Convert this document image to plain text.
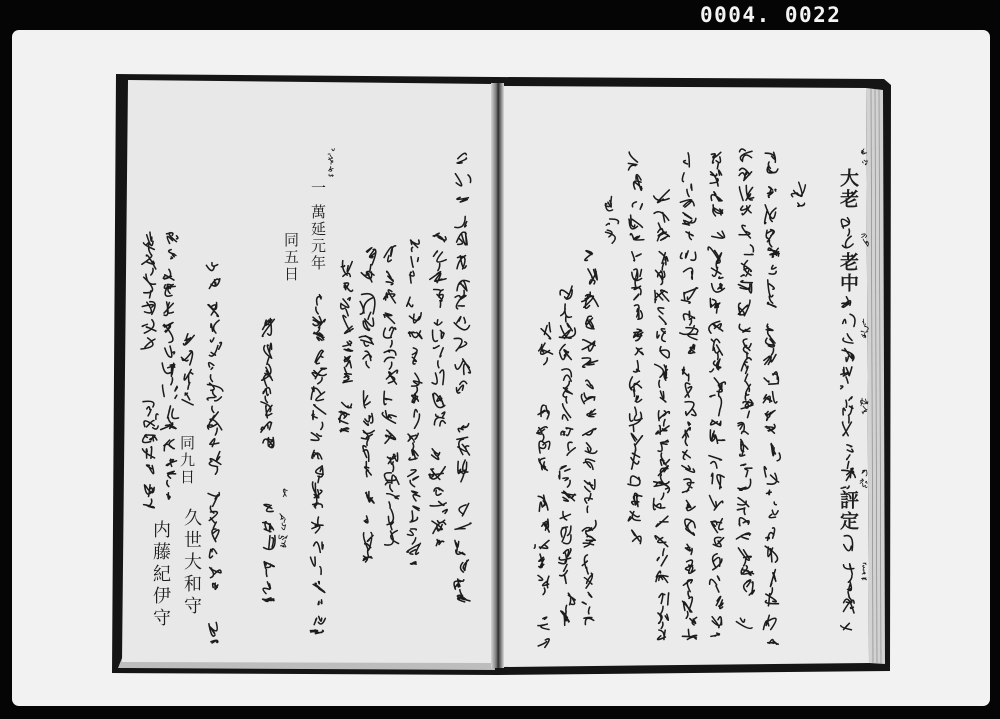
0004. 0022
大老
老中
評定
一 萬延元年
同五日
同九日
久世大和守
内藤紀伊守
